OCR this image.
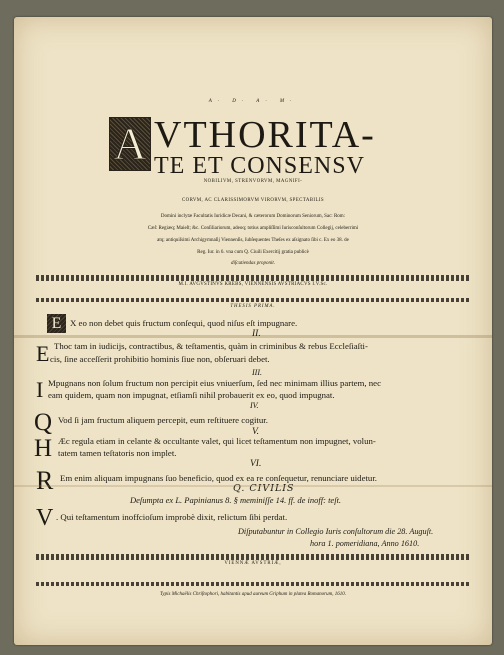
A· D· A· M·
A VTHORITA-
TE ET CONSENSV
NOBILIVM, STRENVORVM, MAGNIFI-
CORVM, AC CLARISSIMORVM VIRORVM, SPECTABILIS
Domini inclytæ Facultatis Iuridicæ Decani, & cæterorum Dominorum Seniorum, Sac: Rom:
Cæſ: Regiæq; Maieſt; &c. Conſiliariorum, adeoq; totius ampliſſimi Iurisconſultorum Collegij, celeberrimi
atq; antiquiſsimi Archigymnaſij Viennenſis, ſubſequentes Theſes ex aſsignato ſibi c. Ex eo 38. de
Reg. Iur. in 6. vna cum Q. Ciuili Exercitij gratia publicè
diſcutiendas proponit.
M.I. AVGVSTINVS KREBS, VIENNENSIS AVSTRIACVS I.V.Sc.
THESIS PRIMA.
E X eo non debet quis fructum conſequi, quod niſus eſt impugnare.
II.
E Thoc tam in iudicijs, contractibus, & teſtamentis, quàm in criminibus & rebus Eccleſiaſti-
cis, ſine acceſſerit prohibitio hominis ſiue non, obſeruari debet.
III.
I Mpugnans non ſolum fructum non percipit eius vniuerſum, ſed nec minimam illius partem, nec
eam quidem, quam non impugnat, etſiamſi nihil probauerit ex eo, quod impugnat.
IV.
Q Vod ſi jam fructum aliquem percepit, eum reſtituere cogitur.
V.
H Æc regula etiam in celante & occultante valet, qui licet teſtamentum non impugnet, volun-
tatem tamen teſtatoris non implet.
VI.
R Em enim aliquam impugnans ſuo beneficio, quod ex ea re conſequetur, renunciare uidetur.
Q. CIVILIS
Deſumpta ex L. Papinianus 8. § meminiſſe 14. ff. de inoff: teſt.
V . Qui teſtamentum inoffcioſum improbè dixit, relictum ſibi perdat.
Diſputabuntur in Collegio Iuris conſultorum die 28. Auguſt.
hora 1. pomeridiana, Anno 1610.
VIENNÆ AVSTRIÆ,
Typis Michaëlis Chriſtophori, habitantis apud aureum Griphum in platea Romanorum, 1610.
